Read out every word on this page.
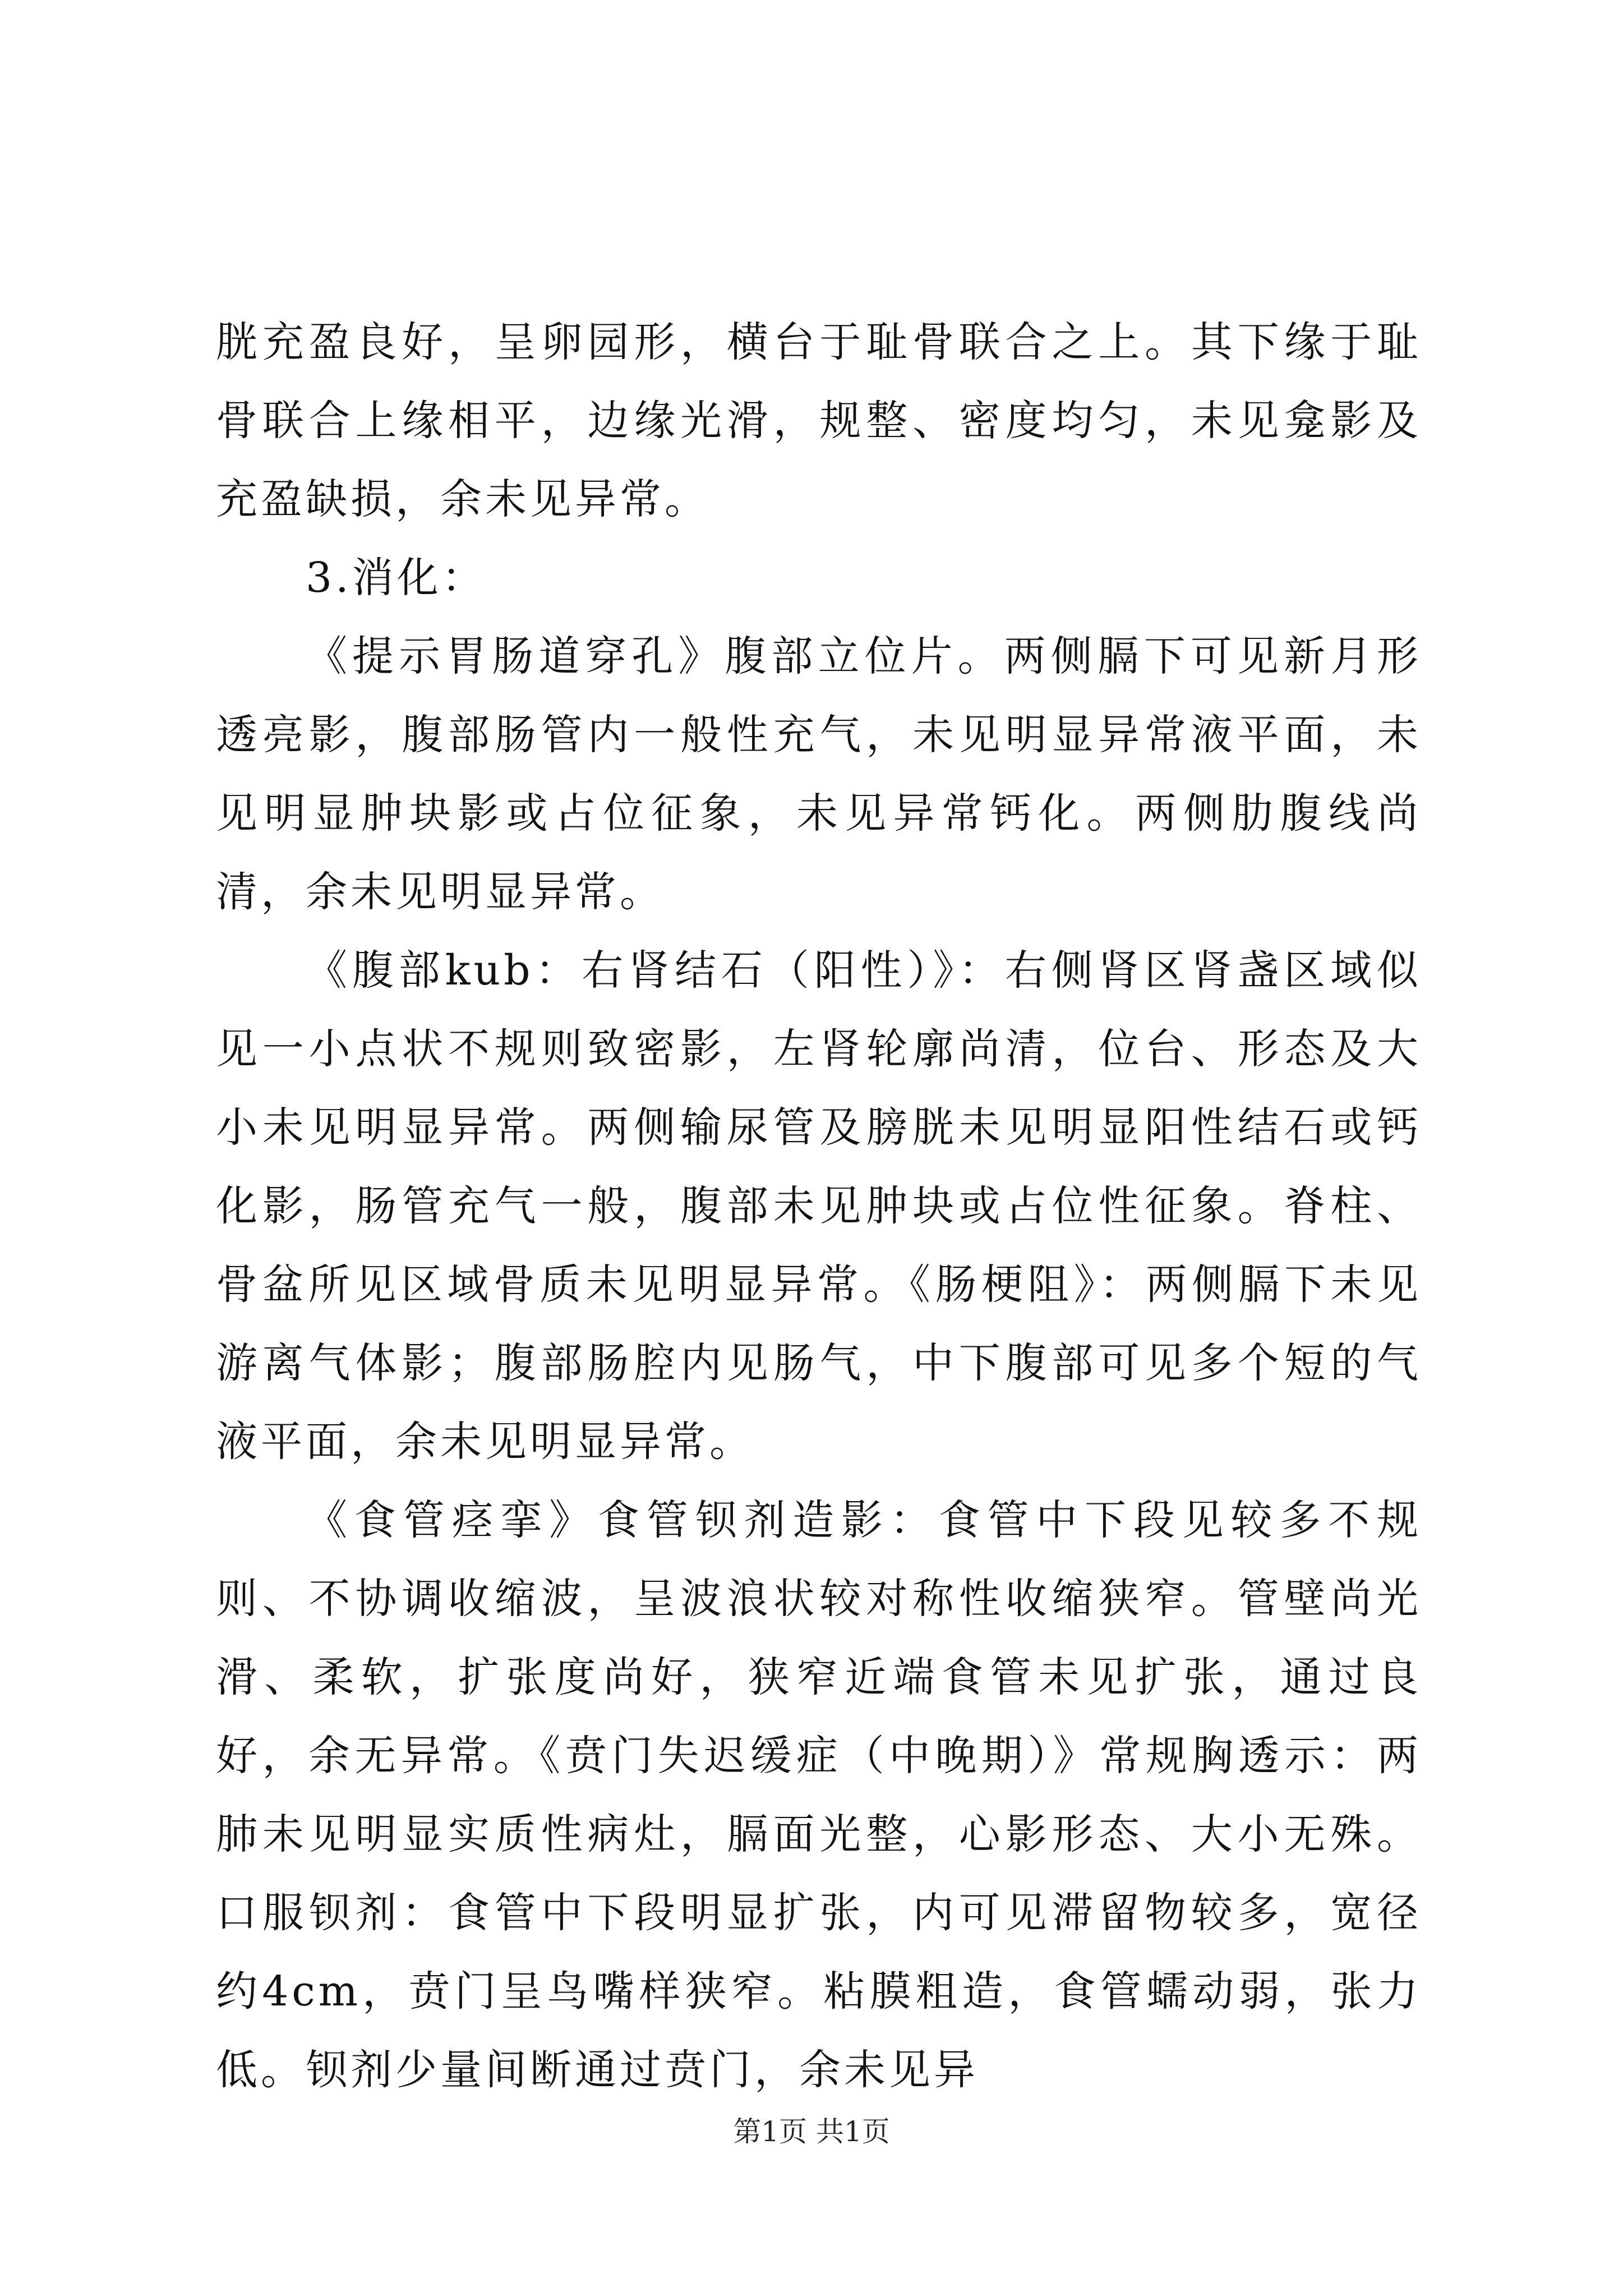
胱充盈良好，呈卵园形，横台于耻骨联合之上。其下缘于耻骨联合上缘相平，边缘光滑，规整、密度均匀，未见龛影及充盈缺损，余未见异常。

3.消化：

《提示胃肠道穿孔》腹部立位片。两侧膈下可见新月形透亮影，腹部肠管内一般性充气，未见明显异常液平面，未见明显肿块影或占位征象，未见异常钙化。两侧肋腹线尚清，余未见明显异常。

《腹部kub：右肾结石（阳性）》：右侧肾区肾盏区域似见一小点状不规则致密影，左肾轮廓尚清，位台、形态及大小未见明显异常。两侧输尿管及膀胱未见明显阳性结石或钙化影，肠管充气一般，腹部未见肿块或占位性征象。脊柱、骨盆所见区域骨质未见明显异常。《肠梗阻》：两侧膈下未见游离气体影；腹部肠腔内见肠气，中下腹部可见多个短的气液平面，余未见明显异常。

《食管痉挛》食管钡剂造影：食管中下段见较多不规则、不协调收缩波，呈波浪状较对称性收缩狭窄。管壁尚光滑、柔软，扩张度尚好，狭窄近端食管未见扩张，通过良好，余无异常。《贲门失迟缓症（中晚期）》常规胸透示：两肺未见明显实质性病灶，膈面光整，心影形态、大小无殊。口服钡剂：食管中下段明显扩张，内可见滞留物较多，宽径约4cm，贲门呈鸟嘴样狭窄。粘膜粗造，食管蠕动弱，张力低。钡剂少量间断通过贲门，余未见异

第1页 共1页
